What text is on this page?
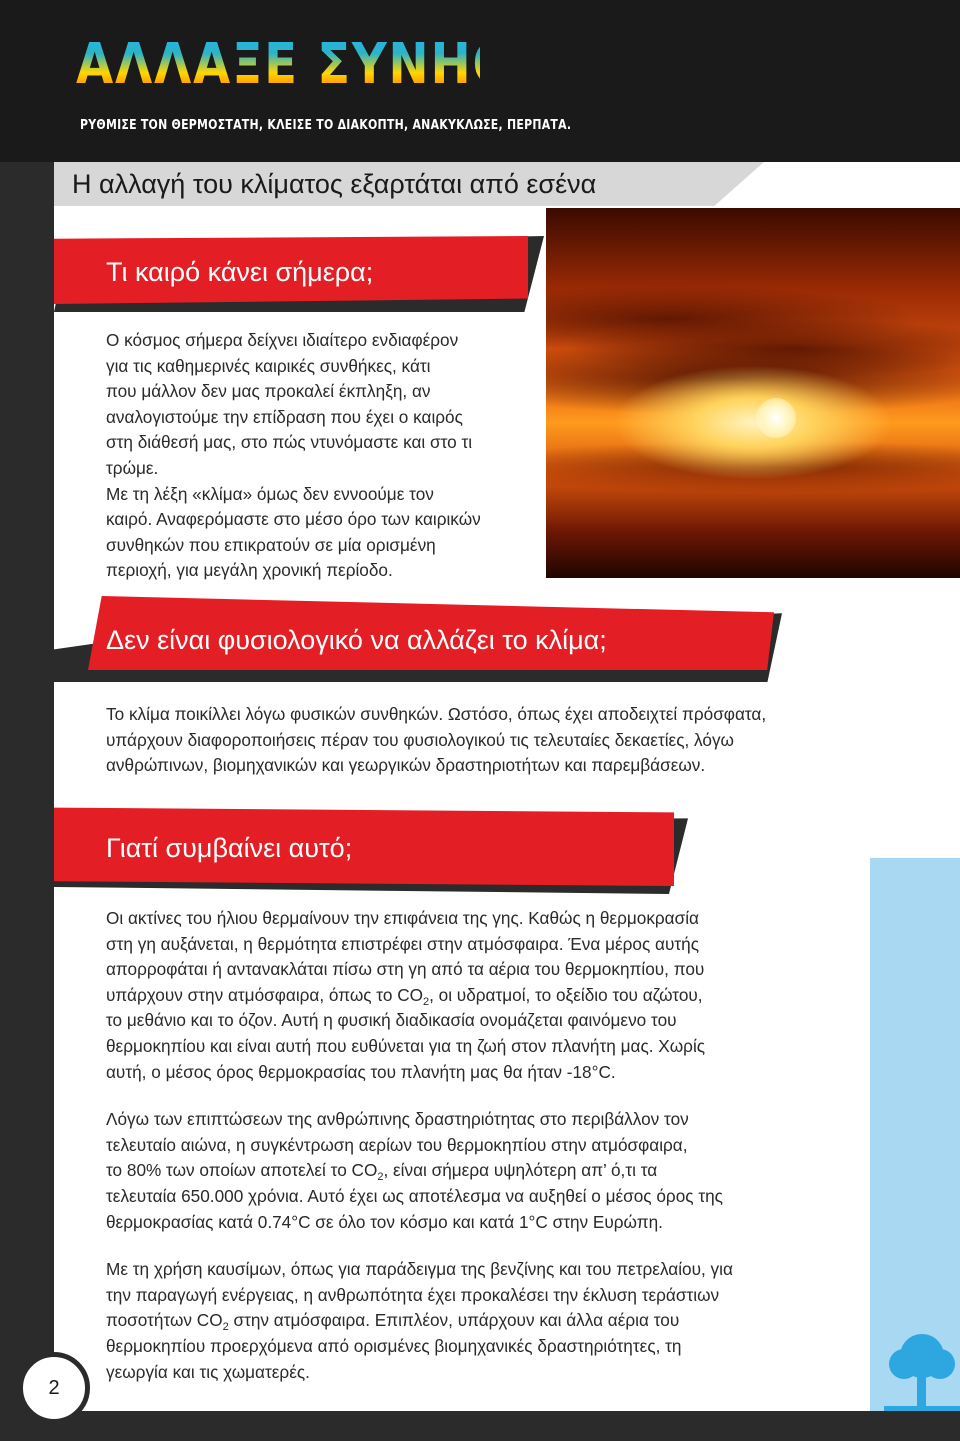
ΑΛΛΑΞΕ ΣΥΝΗΘΕΙΕΣ
ΡΥΘΜΙΣΕ ΤΟΝ ΘΕΡΜΟΣΤΑΤΗ, ΚΛΕΙΣΕ ΤΟ ΔΙΑΚΟΠΤΗ, ΑΝΑΚΥΚΛΩΣΕ, ΠΕΡΠΑΤΑ.
Η αλλαγή του κλίματος εξαρτάται από εσένα
Τι καιρό κάνει σήμερα;

Ο κόσμος σήμερα δείχνει ιδιαίτερο ενδιαφέρον

για τις καθημερινές καιρικές συνθήκες, κάτι

που μάλλον δεν μας προκαλεί έκπληξη, αν

αναλογιστούμε την επίδραση που έχει ο καιρός

στη διάθεσή μας, στο πώς ντυνόμαστε και στο τι

τρώμε.

Με τη λέξη «κλίμα» όμως δεν εννοούμε τον

καιρό. Αναφερόμαστε στο μέσο όρο των καιρικών

συνθηκών που επικρατούν σε μία ορισμένη

περιοχή, για μεγάλη χρονική περίοδο.

Δεν είναι φυσιολογικό να αλλάζει το κλίμα;

Το κλίμα ποικίλλει λόγω φυσικών συνθηκών. Ωστόσο, όπως έχει αποδειχτεί πρόσφατα,

υπάρχουν διαφοροποιήσεις πέραν του φυσιολογικού τις τελευταίες δεκαετίες, λόγω

ανθρώπινων, βιομηχανικών και γεωργικών δραστηριοτήτων και παρεμβάσεων.

Γιατί συμβαίνει αυτό;

Οι ακτίνες του ήλιου θερμαίνουν την επιφάνεια της γης. Καθώς η θερμοκρασία

στη γη αυξάνεται, η θερμότητα επιστρέφει στην ατμόσφαιρα. Ένα μέρος αυτής

απορροφάται ή αντανακλάται πίσω στη γη από τα αέρια του θερμοκηπίου, που

υπάρχουν στην ατμόσφαιρα, όπως το $CO_2$, οι υδρατμοί, το οξείδιο του αζώτου,

το μεθάνιο και το όζον. Αυτή η φυσική διαδικασία ονομάζεται φαινόμενο του

θερμοκηπίου και είναι αυτή που ευθύνεται για τη ζωή στον πλανήτη μας. Χωρίς

αυτή, ο μέσος όρος θερμοκρασίας του πλανήτη μας θα ήταν -18°C.

Λόγω των επιπτώσεων της ανθρώπινης δραστηριότητας στο περιβάλλον τον

τελευταίο αιώνα, η συγκέντρωση αερίων του θερμοκηπίου στην ατμόσφαιρα,

το 80% των οποίων αποτελεί το $CO_2$, είναι σήμερα υψηλότερη απ’ ό,τι τα

τελευταία 650.000 χρόνια. Αυτό έχει ως αποτέλεσμα να αυξηθεί ο μέσος όρος της

θερμοκρασίας κατά 0.74°C σε όλο τον κόσμο και κατά 1°C στην Ευρώπη.

Με τη χρήση καυσίμων, όπως για παράδειγμα της βενζίνης και του πετρελαίου, για

την παραγωγή ενέργειας, η ανθρωπότητα έχει προκαλέσει την έκλυση τεράστιων

ποσοτήτων $CO_2$ στην ατμόσφαιρα. Επιπλέον, υπάρχουν και άλλα αέρια του

θερμοκηπίου προερχόμενα από ορισμένες βιομηχανικές δραστηριότητες, τη

γεωργία και τις χωματερές.

2
